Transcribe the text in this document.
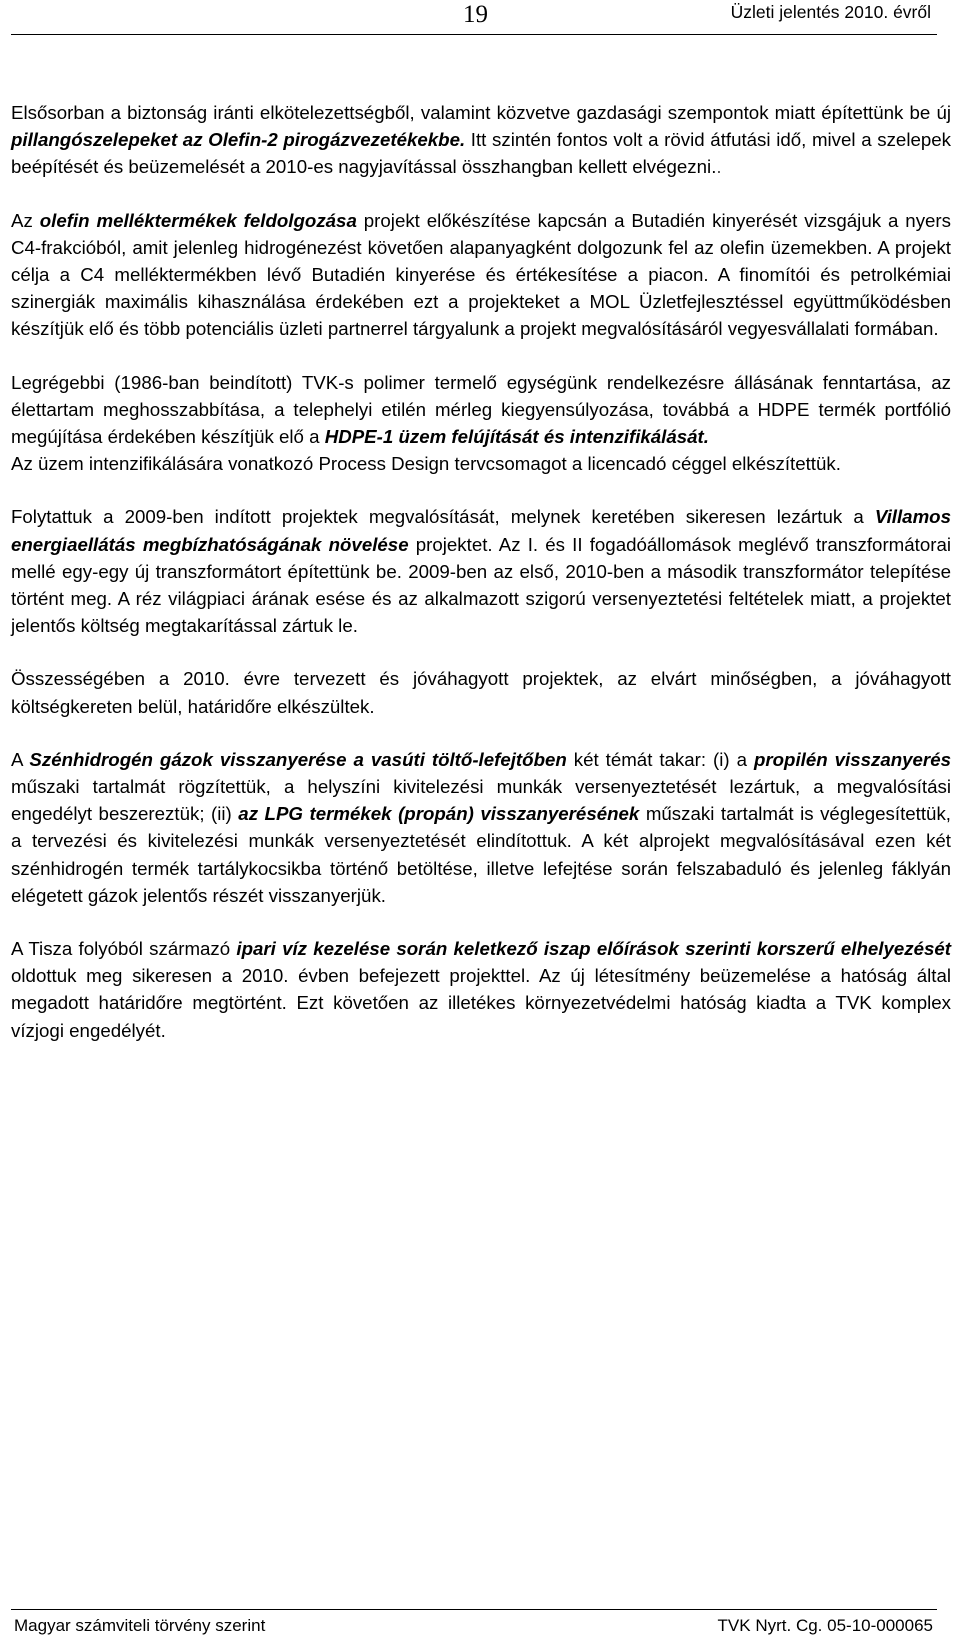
19	Üzleti jelentés 2010. évről

Elsősorban a biztonság iránti elkötelezettségből, valamint közvetve gazdasági szempontok miatt építettünk be új pillangószelepeket az Olefin-2 pirogázvezetékekbe. Itt szintén fontos volt a rövid átfutási idő, mivel a szelepek beépítését és beüzemelését a 2010-es nagyjavítással összhangban kellett elvégezni..

Az olefin melléktermékek feldolgozása projekt előkészítése kapcsán a Butadién kinyerését vizsgájuk a nyers C4-frakcióból, amit jelenleg hidrogénezést követően alapanyagként dolgozunk fel az olefin üzemekben. A projekt célja a C4 melléktermékben lévő Butadién kinyerése és értékesítése a piacon. A finomítói és petrolkémiai szinergiák maximális kihasználása érdekében ezt a projekteket a MOL Üzletfejlesztéssel együttműködésben készítjük elő és több potenciális üzleti partnerrel tárgyalunk a projekt megvalósításáról vegyesvállalati formában.

Legrégebbi (1986-ban beindított) TVK-s polimer termelő egységünk rendelkezésre állásának fenntartása, az élettartam meghosszabbítása, a telephelyi etilén mérleg kiegyensúlyozása, továbbá a HDPE termék portfólió megújítása érdekében készítjük elő a HDPE-1 üzem felújítását és intenzifikálását.

Az üzem intenzifikálására vonatkozó Process Design tervcsomagot a licencadó céggel elkészítettük.

Folytattuk a 2009-ben indított projektek megvalósítását, melynek keretében sikeresen lezártuk a Villamos energiaellátás megbízhatóságának növelése projektet. Az I. és II fogadóállomások meglévő transzformátorai mellé egy-egy új transzformátort építettünk be. 2009-ben az első, 2010-ben a második transzformátor telepítése történt meg. A réz világpiaci árának esése és az alkalmazott szigorú versenyeztetési feltételek miatt, a projektet jelentős költség megtakarítással zártuk le.

Összességében a 2010. évre tervezett és jóváhagyott projektek, az elvárt minőségben, a jóváhagyott költségkereten belül, határidőre elkészültek.

A Szénhidrogén gázok visszanyerése a vasúti töltő-lefejtőben két témát takar: (i) a propilén visszanyerés műszaki tartalmát rögzítettük, a helyszíni kivitelezési munkák versenyeztetését lezártuk, a megvalósítási engedélyt beszereztük; (ii) az LPG termékek (propán) visszanyerésének műszaki tartalmát is véglegesítettük, a tervezési és kivitelezési munkák versenyeztetését elindítottuk. A két alprojekt megvalósításával ezen két szénhidrogén termék tartálykocsikba történő betöltése, illetve lefejtése során felszabaduló és jelenleg fáklyán elégetett gázok jelentős részét visszanyerjük.

A Tisza folyóból származó ipari víz kezelése során keletkező iszap előírások szerinti korszerű elhelyezését oldottuk meg sikeresen a 2010. évben befejezett projekttel. Az új létesítmény beüzemelése a hatóság által megadott határidőre megtörtént. Ezt követően az illetékes környezetvédelmi hatóság kiadta a TVK komplex vízjogi engedélyét.

Magyar számviteli törvény szerint	TVK Nyrt. Cg. 05-10-000065
